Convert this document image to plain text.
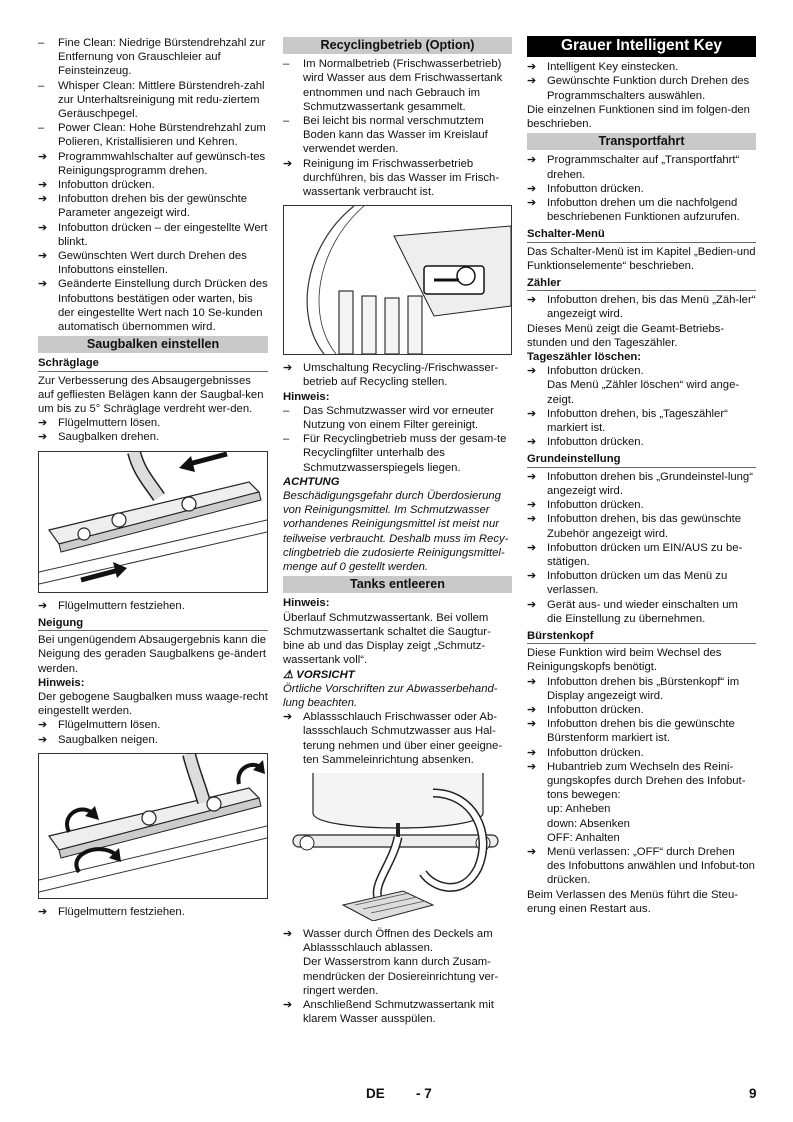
–	Fine Clean: Niedrige Bürstendrehzahl zur Entfernung von Grauschleier auf Feinsteinzeug.
–	Whisper Clean: Mittlere Bürstendreh-zahl zur Unterhaltsreinigung mit redu-ziertem Geräuschpegel.
–	Power Clean: Hohe Bürstendrehzahl zum Polieren, Kristallisieren und Kehren.
➔ Programmwahlschalter auf gewünsch-tes Reinigungsprogramm drehen.
➔ Infobutton drücken.
➔ Infobutton drehen bis der gewünschte Parameter angezeigt wird.
➔ Infobutton drücken – der eingestellte Wert blinkt.
➔ Gewünschten Wert durch Drehen des Infobuttons einstellen.
➔ Geänderte Einstellung durch Drücken des Infobuttons bestätigen oder warten, bis der eingestellte Wert nach 10 Se-kunden automatisch übernommen wird.
Saugbalken einstellen
Schräglage

Zur Verbesserung des Absaugergebnisses auf gefliesten Belägen kann der Saugbal-ken um bis zu 5° Schräglage verdreht wer-den.

➔ Flügelmuttern lösen.
➔ Saugbalken drehen.
➔ Flügelmuttern festziehen.
Neigung

Bei ungenügendem Absaugergebnis kann die Neigung des geraden Saugbalkens ge-ändert werden.

Hinweis:

Der gebogene Saugbalken muss waage-recht eingestellt werden.

➔ Flügelmuttern lösen.
➔ Saugbalken neigen.
➔ Flügelmuttern festziehen.
Recyclingbetrieb (Option)
–	Im Normalbetrieb (Frischwasserbetrieb) wird Wasser aus dem Frischwassertank entnommen und nach Gebrauch im Schmutzwassertank gesammelt.
–	Bei leicht bis normal verschmutztem Boden kann das Wasser im Kreislauf verwendet werden.
➔ Reinigung im Frischwasserbetrieb durchführen, bis das Wasser im Frisch-wassertank verbraucht ist.
➔ Umschaltung Recycling-/Frischwasser-betrieb auf Recycling stellen.

Hinweis:

–	Das Schmutzwasser wird vor erneuter Nutzung von einem Filter gereinigt.
–	Für Recyclingbetrieb muss der gesam-te Recyclingfilter unterhalb des Schmutzwasserspiegels liegen.

ACHTUNG

Beschädigungsgefahr durch Überdosierung von Reinigungsmittel. Im Schmutzwasser vorhandenes Reinigungsmittel ist meist nur teilweise verbraucht. Deshalb muss im Recy-clingbetrieb die zudosierte Reinigungsmittel-menge auf 0 gestellt werden.

Tanks entleeren

Hinweis:

Überlauf Schmutzwassertank. Bei vollem Schmutzwassertank schaltet die Saugtur-bine ab und das Display zeigt „Schmutz-wassertank voll“.

⚠ VORSICHT

Örtliche Vorschriften zur Abwasserbehand-lung beachten.

➔ Ablassschlauch Frischwasser oder Ab-lassschlauch Schmutzwasser aus Hal-terung nehmen und über einer geeigne-ten Sammeleinrichtung absenken.
➔ Wasser durch Öffnen des Deckels am Ablassschlauch ablassen.

Der Wasserstrom kann durch Zusam-mendrücken der Dosiereinrichtung ver-ringert werden.

➔ Anschließend Schmutzwassertank mit klarem Wasser ausspülen.
Grauer Intelligent Key
➔ Intelligent Key einstecken.
➔ Gewünschte Funktion durch Drehen des Programmschalters auswählen.

Die einzelnen Funktionen sind im folgen-den beschrieben.

Transportfahrt
➔ Programmschalter auf „Transportfahrt“ drehen.
➔ Infobutton drücken.
➔ Infobutton drehen um die nachfolgend beschriebenen Funktionen aufzurufen.
Schalter-Menü

Das Schalter-Menü ist im Kapitel „Bedien-und Funktionselemente“ beschrieben.

Zähler
➔ Infobutton drehen, bis das Menü „Zäh-ler“ angezeigt wird.

Dieses Menü zeigt die Geamt-Betriebs-stunden und den Tageszähler.

Tageszähler löschen:

➔ Infobutton drücken.

Das Menü „Zähler löschen“ wird ange-zeigt.

➔ Infobutton drehen, bis „Tageszähler“ markiert ist.
➔ Infobutton drücken.
Grundeinstellung
➔ Infobutton drehen bis „Grundeinstel-lung“ angezeigt wird.
➔ Infobutton drücken.
➔ Infobutton drehen, bis das gewünschte Zubehör angezeigt wird.
➔ Infobutton drücken um EIN/AUS zu be-stätigen.
➔ Infobutton drücken um das Menü zu verlassen.
➔ Gerät aus- und wieder einschalten um die Einstellung zu übernehmen.
Bürstenkopf

Diese Funktion wird beim Wechsel des Reinigungskopfs benötigt.

➔ Infobutton drehen bis „Bürstenkopf“ im Display angezeigt wird.
➔ Infobutton drücken.
➔ Infobutton drehen bis die gewünschte Bürstenform markiert ist.
➔ Infobutton drücken.
➔ Hubantrieb zum Wechseln des Reini-gungskopfes durch Drehen des Infobut-tons bewegen:

up: Anheben

down: Absenken

OFF: Anhalten

➔ Menü verlassen: „OFF“ durch Drehen des Infobuttons anwählen und Infobut-ton drücken.

Beim Verlassen des Menüs führt die Steu-erung einen Restart aus.

DE - 7	9
